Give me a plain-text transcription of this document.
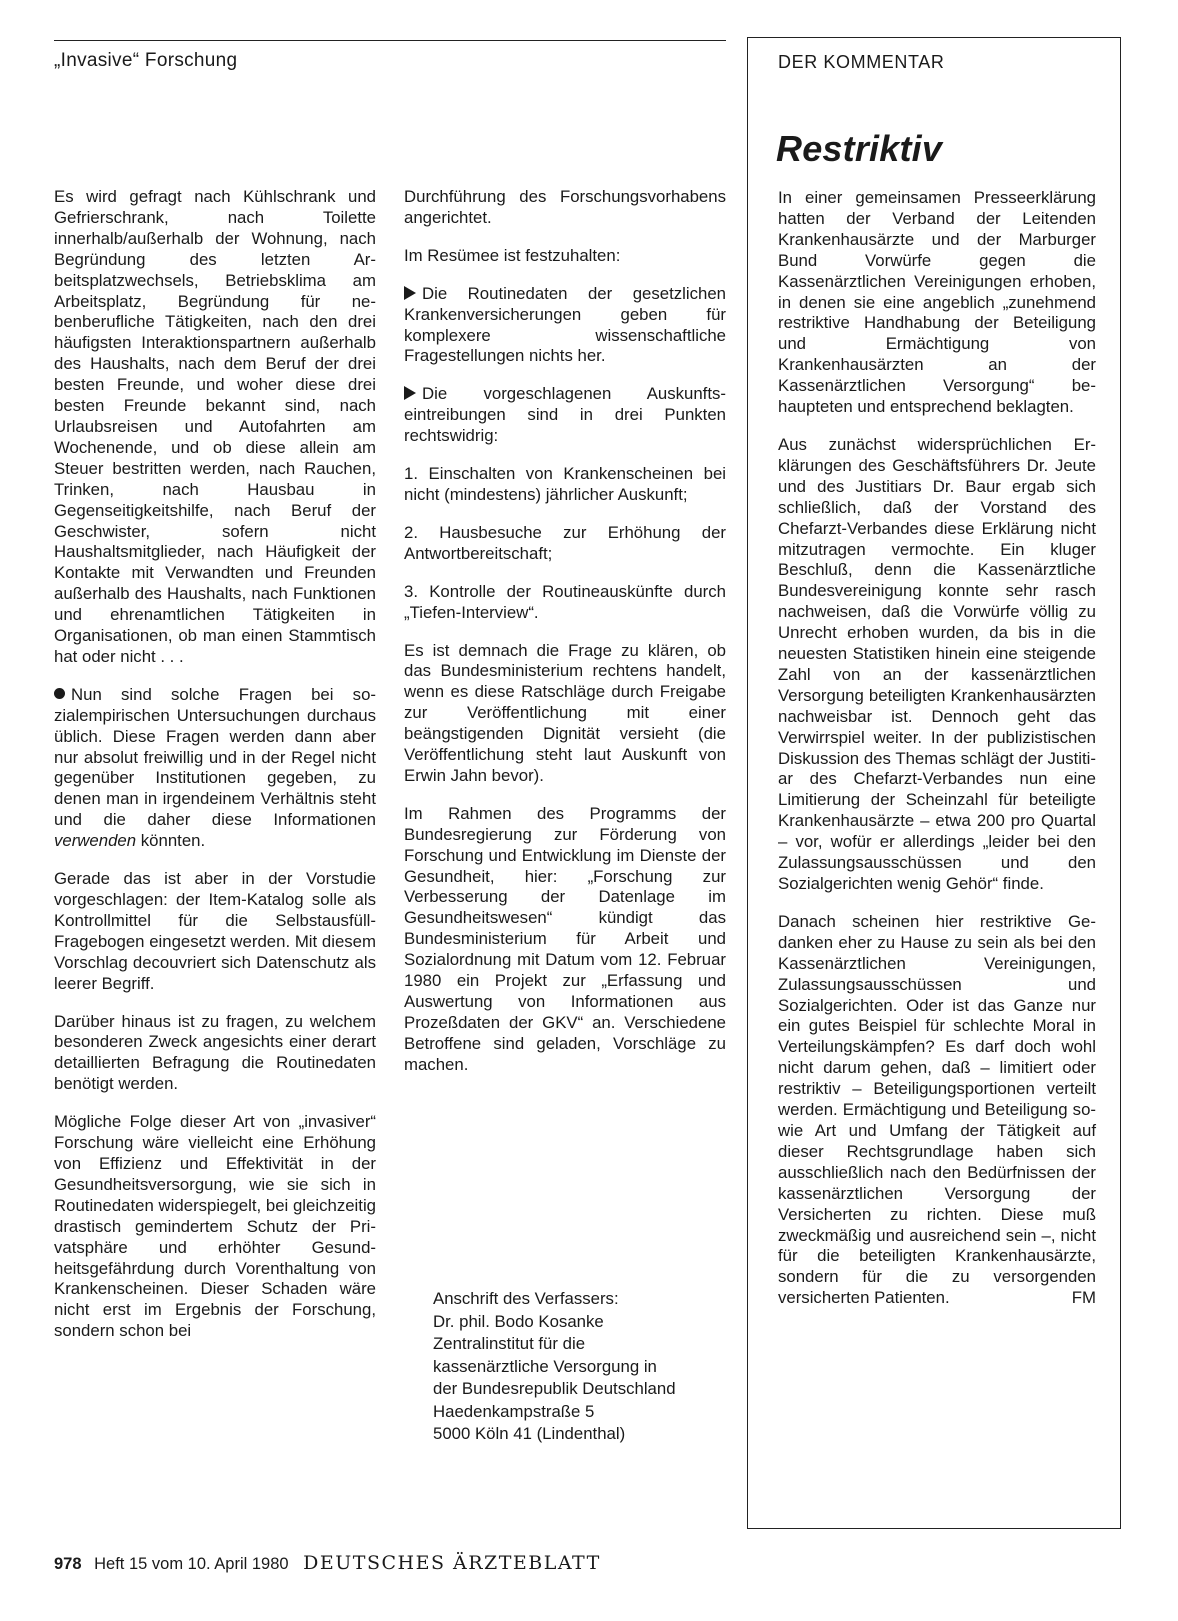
„Invasive“ Forschung

Es wird gefragt nach Kühlschrank und Gefrierschrank, nach Toilette innerhalb/außerhalb der Wohnung, nach Begründung des letzten Arbeitsplatzwechsels, Betriebsklima am Arbeitsplatz, Begründung für nebenberufliche Tätigkeiten, nach den drei häufigsten Interaktionspartnern außerhalb des Haushalts, nach dem Beruf der drei besten Freunde, und woher diese drei besten Freunde bekannt sind, nach Urlaubsreisen und Autofahrten am Wochenende, und ob diese allein am Steuer bestritten werden, nach Rauchen, Trinken, nach Hausbau in Gegenseitigkeitshilfe, nach Beruf der Geschwister, sofern nicht Haushaltsmitglieder, nach Häufigkeit der Kontakte mit Verwandten und Freunden außerhalb des Haushalts, nach Funktionen und ehrenamtlichen Tätigkeiten in Organisationen, ob man einen Stammtisch hat oder nicht . . .

Nun sind solche Fragen bei sozialempirischen Untersuchungen durchaus üblich. Diese Fragen werden dann aber nur absolut freiwillig und in der Regel nicht gegenüber Institutionen gegeben, zu denen man in irgendeinem Verhältnis steht und die daher diese Informationen verwenden könnten.

Gerade das ist aber in der Vorstudie vorgeschlagen: der Item-Katalog solle als Kontrollmittel für die Selbstausfüll-Fragebogen eingesetzt werden. Mit diesem Vorschlag decouvriert sich Datenschutz als leerer Begriff.

Darüber hinaus ist zu fragen, zu welchem besonderen Zweck angesichts einer derart detaillierten Befragung die Routinedaten benötigt werden.

Mögliche Folge dieser Art von „invasiver“ Forschung wäre vielleicht eine Erhöhung von Effizienz und Effektivität in der Gesundheitsversorgung, wie sie sich in Routinedaten widerspiegelt, bei gleichzeitig drastisch gemindertem Schutz der Privatsphäre und erhöhter Gesundheitsgefährdung durch Vorenthaltung von Krankenscheinen. Dieser Schaden wäre nicht erst im Ergebnis der Forschung, sondern schon bei

Durchführung des Forschungsvorhabens angerichtet.

Im Resümee ist festzuhalten:

Die Routinedaten der gesetzlichen Krankenversicherungen geben für komplexere wissenschaftliche Fragestellungen nichts her.

Die vorgeschlagenen Auskunftseintreibungen sind in drei Punkten rechtswidrig:

1. Einschalten von Krankenscheinen bei nicht (mindestens) jährlicher Auskunft;

2. Hausbesuche zur Erhöhung der Antwortbereitschaft;

3. Kontrolle der Routineauskünfte durch „Tiefen-Interview“.

Es ist demnach die Frage zu klären, ob das Bundesministerium rechtens handelt, wenn es diese Ratschläge durch Freigabe zur Veröffentlichung mit einer beängstigenden Dignität versieht (die Veröffentlichung steht laut Auskunft von Erwin Jahn bevor).

Im Rahmen des Programms der Bundesregierung zur Förderung von Forschung und Entwicklung im Dienste der Gesundheit, hier: „Forschung zur Verbesserung der Datenlage im Gesundheitswesen“ kündigt das Bundesministerium für Arbeit und Sozialordnung mit Datum vom 12. Februar 1980 ein Projekt zur „Erfassung und Auswertung von Informationen aus Prozeßdaten der GKV“ an. Verschiedene Betroffene sind geladen, Vorschläge zu machen.

Anschrift des Verfassers:
Dr. phil. Bodo Kosanke
Zentralinstitut für die
kassenärztliche Versorgung in
der Bundesrepublik Deutschland
Haedenkampstraße 5
5000 Köln 41 (Lindenthal)
DER KOMMENTAR
Restriktiv

In einer gemeinsamen Presseerklärung hatten der Verband der Leitenden Krankenhausärzte und der Marburger Bund Vorwürfe gegen die Kassenärztlichen Vereinigungen erhoben, in denen sie eine angeblich „zunehmend restriktive Handhabung der Beteiligung und Ermächtigung von Krankenhausärzten an der Kassenärztlichen Versorgung“ behaupteten und entsprechend beklagten.

Aus zunächst widersprüchlichen Erklärungen des Geschäftsführers Dr. Jeute und des Justitiars Dr. Baur ergab sich schließlich, daß der Vorstand des Chefarzt-Verbandes diese Erklärung nicht mitzutragen vermochte. Ein kluger Beschluß, denn die Kassenärztliche Bundesvereinigung konnte sehr rasch nachweisen, daß die Vorwürfe völlig zu Unrecht erhoben wurden, da bis in die neuesten Statistiken hinein eine steigende Zahl von an der kassenärztlichen Versorgung beteiligten Krankenhausärzten nachweisbar ist. Dennoch geht das Verwirrspiel weiter. In der publizistischen Diskussion des Themas schlägt der Justitiar des Chefarzt-Verbandes nun eine Limitierung der Scheinzahl für beteiligte Krankenhausärzte – etwa 200 pro Quartal – vor, wofür er allerdings „leider bei den Zulassungsausschüssen und den Sozialgerichten wenig Gehör“ finde.

Danach scheinen hier restriktive Gedanken eher zu Hause zu sein als bei den Kassenärztlichen Vereinigungen, Zulassungsausschüssen und Sozialgerichten. Oder ist das Ganze nur ein gutes Beispiel für schlechte Moral in Verteilungskämpfen? Es darf doch wohl nicht darum gehen, daß – limitiert oder restriktiv – Beteiligungsportionen verteilt werden. Ermächtigung und Beteiligung sowie Art und Umfang der Tätigkeit auf dieser Rechtsgrundlage haben sich ausschließlich nach den Bedürfnissen der kassenärztlichen Versorgung der Versicherten zu richten. Diese muß zweckmäßig und ausreichend sein –, nicht für die beteiligten Krankenhausärzte, sondern für die zu versorgenden versicherten Patienten.	FM

978 Heft 15 vom 10. April 1980 DEUTSCHES ÄRZTEBLATT
